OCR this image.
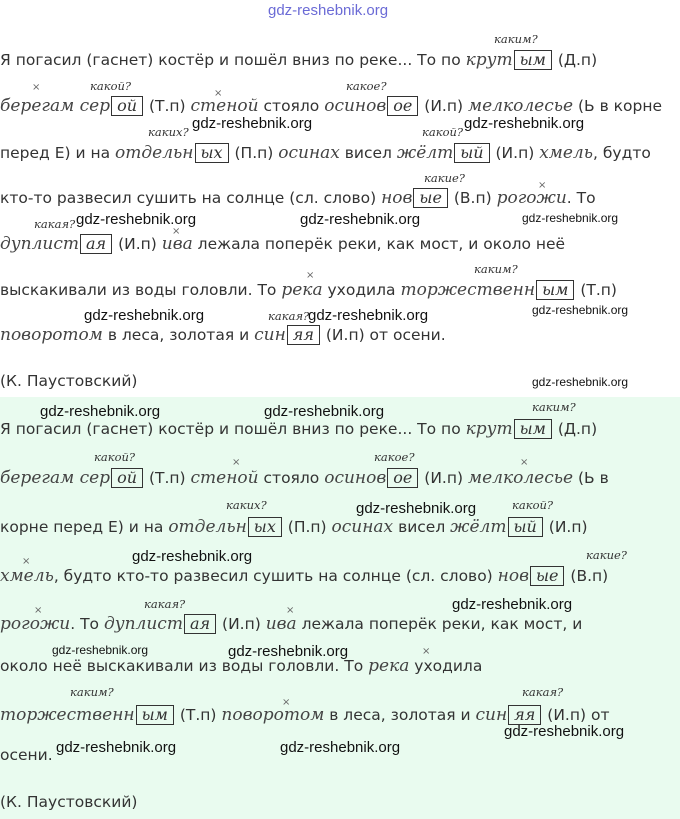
gdz-reshebnik.org
каким?
Я погасил (гаснет) костёр и пошёл вниз по реке... То по крут ым (Д.п)
×	какой?
×
какое?
берегам сер ой (Т.п) стеной стояло осинов ое (И.п) мелколесье (Ь в корне
gdz-reshebnik.org	gdz-reshebnik.org
каких?	какой?
перед Е) и на отдельн ых (П.п) осинах висел жёлт ый (И.п) хмель, будто
какие?
×
кто-то развесил сушить на солнце (сл. слово) нов ые (В.п) рогожи. То
какая? gdz-reshebnik.org	gdz-reshebnik.org	gdz-reshebnik.org
×
дуплист ая (И.п) ива лежала поперёк реки, как мост, и около неё
каким?
×
выскакивали из воды головли. То река уходила торжественн ым (Т.п)
gdz-reshebnik.org	какая?
gdz-reshebnik.org	gdz-reshebnik.org
поворотом в леса, золотая и син яя (И.п) от осени.
(К. Паустовский)	gdz-reshebnik.org
gdz-reshebnik.org	gdz-reshebnik.org	каким?
Я погасил (гаснет) костёр и пошёл вниз по реке... То по крут ым (Д.п)
какой?	×	какое?	×
берегам сер ой (Т.п) стеной стояло осинов ое (И.п) мелколесье (Ь в
каких?	gdz-reshebnik.org	какой?
корне перед Е) и на отдельн ых (П.п) осинах висел жёлт ый (И.п)
gdz-reshebnik.org
×	какие?
хмель, будто кто-то развесил сушить на солнце (сл. слово) нов ые (В.п)
какая?	gdz-reshebnik.org
×	×
рогожи. То дуплист ая (И.п) ива лежала поперёк реки, как мост, и
gdz-reshebnik.org	gdz-reshebnik.org	×
около неё выскакивали из воды головли. То река уходила
каким?
×
какая?
торжественн ым (Т.п) поворотом в леса, золотая и син яя (И.п) от
gdz-reshebnik.org
осени. gdz-reshebnik.org	gdz-reshebnik.org
(К. Паустовский)
